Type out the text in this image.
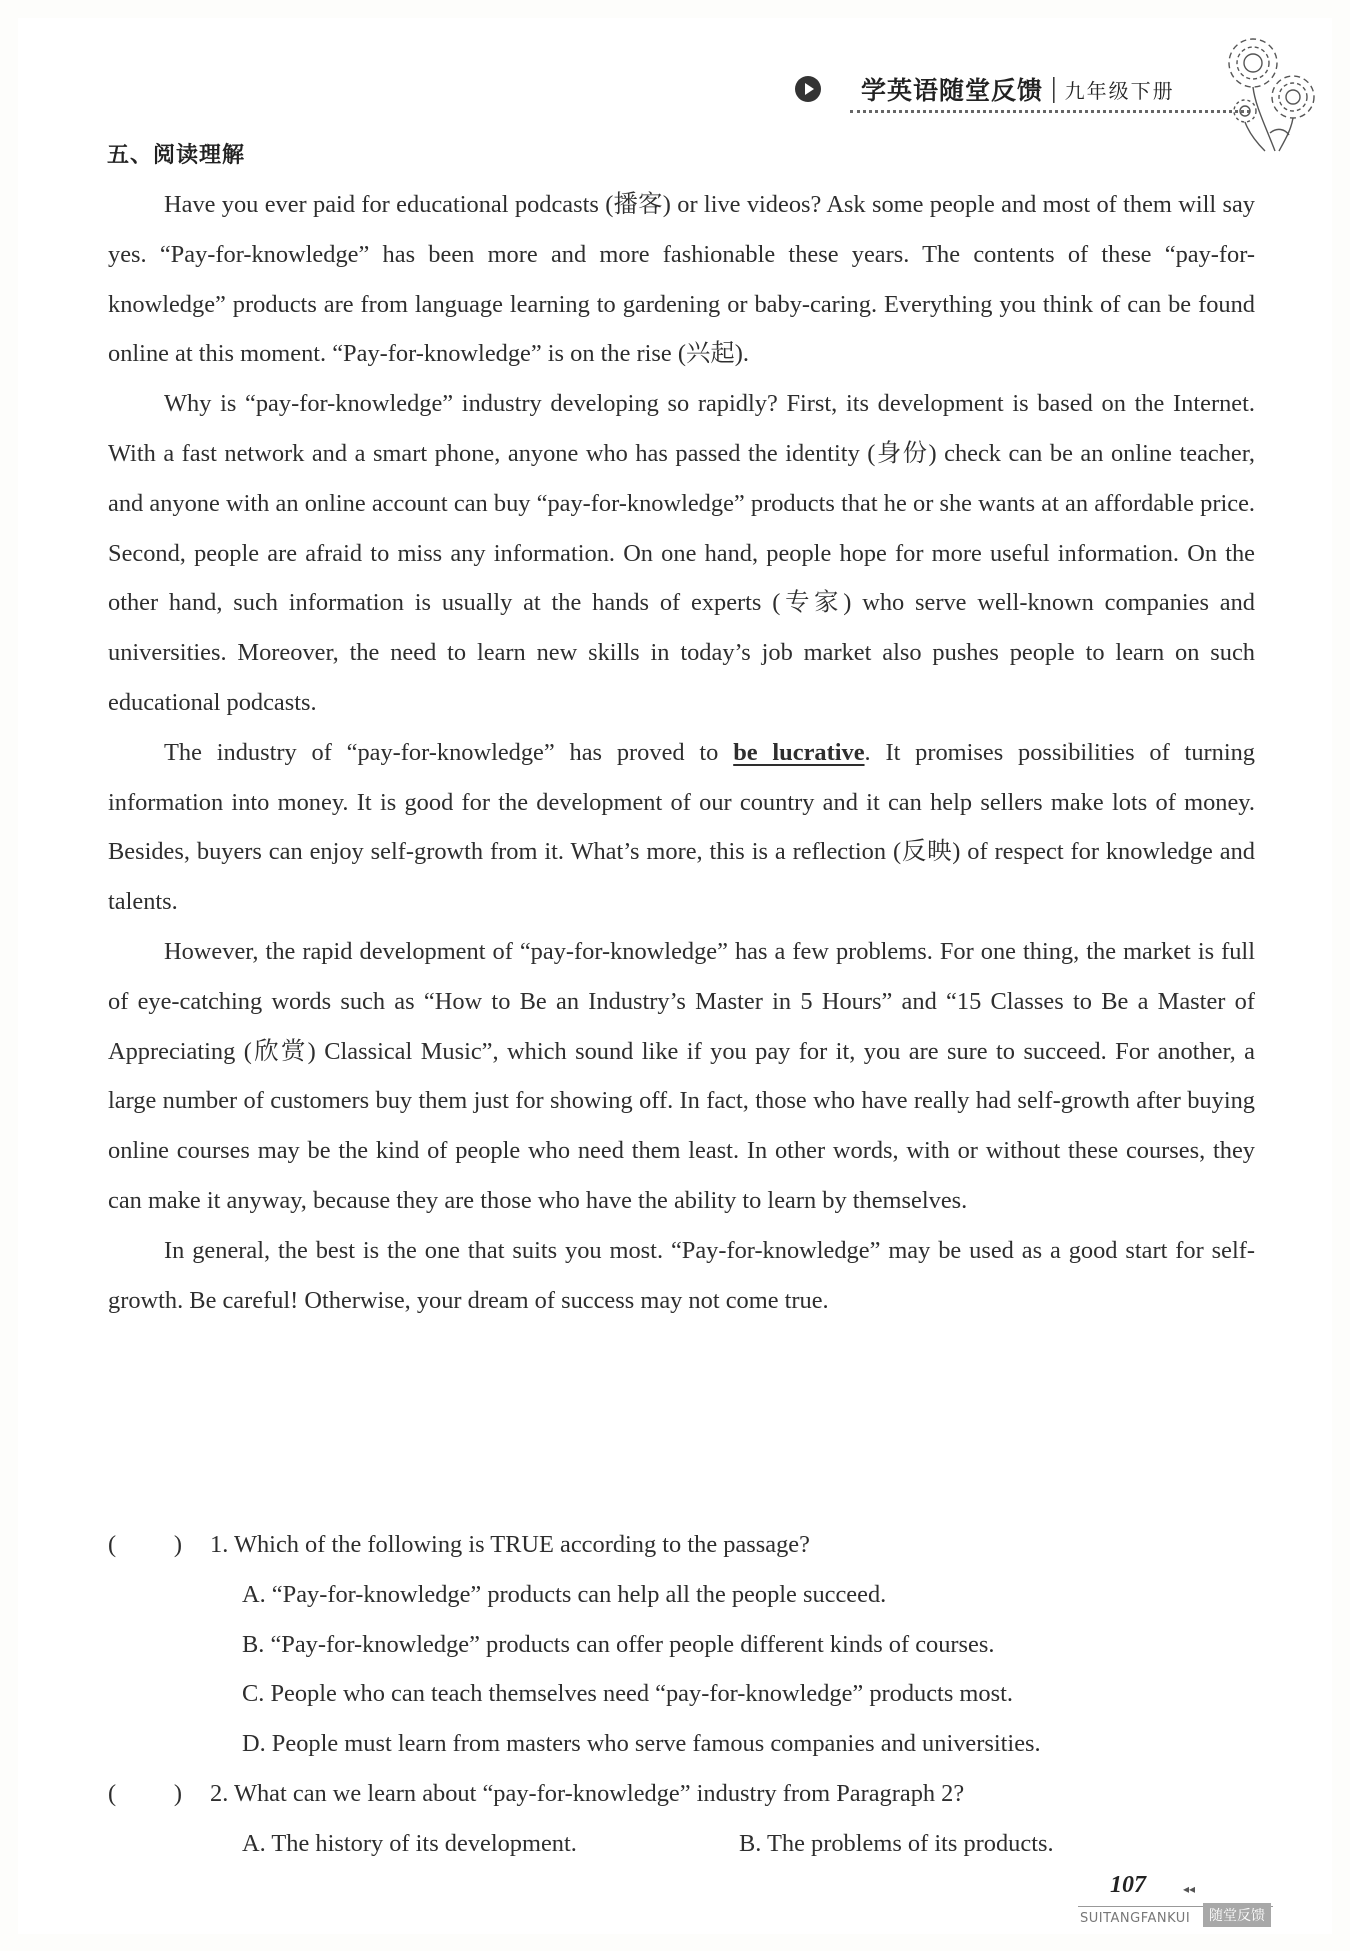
学英语随堂反馈 | 九年级下册
五、阅读理解

Have you ever paid for educational podcasts (播客) or live videos? Ask some people and most of them will say yes. “Pay-for-knowledge” has been more and more fashionable these years. The contents of these “pay-for-knowledge” products are from language learning to gardening or baby-caring. Everything you think of can be found online at this moment. “Pay-for-knowledge” is on the rise (兴起).

Why is “pay-for-knowledge” industry developing so rapidly? First, its development is based on the Internet. With a fast network and a smart phone, anyone who has passed the identity (身份) check can be an online teacher, and anyone with an online account can buy “pay-for-knowledge” products that he or she wants at an affordable price. Second, people are afraid to miss any information. On one hand, people hope for more useful information. On the other hand, such information is usually at the hands of experts (专家) who serve well-known companies and universities. Moreover, the need to learn new skills in today’s job market also pushes people to learn on such educational podcasts.

The industry of “pay-for-knowledge” has proved to be lucrative. It promises possibilities of turning information into money. It is good for the development of our country and it can help sellers make lots of money. Besides, buyers can enjoy self-growth from it. What’s more, this is a reflection (反映) of respect for knowledge and talents.

However, the rapid development of “pay-for-knowledge” has a few problems. For one thing, the market is full of eye-catching words such as “How to Be an Industry’s Master in 5 Hours” and “15 Classes to Be a Master of Appreciating (欣赏) Classical Music”, which sound like if you pay for it, you are sure to succeed. For another, a large number of customers buy them just for showing off. In fact, those who have really had self-growth after buying online courses may be the kind of people who need them least. In other words, with or without these courses, they can make it anyway, because they are those who have the ability to learn by themselves.

In general, the best is the one that suits you most. “Pay-for-knowledge” may be used as a good start for self-growth. Be careful! Otherwise, your dream of success may not come true.

( ) 1. Which of the following is TRUE according to the passage?
A. “Pay-for-knowledge” products can help all the people succeed.
B. “Pay-for-knowledge” products can offer people different kinds of courses.
C. People who can teach themselves need “pay-for-knowledge” products most.
D. People must learn from masters who serve famous companies and universities.
( ) 2. What can we learn about “pay-for-knowledge” industry from Paragraph 2?
A. The history of its development.	B. The problems of its products.
107	◂◂
SUITANGFANKUI	随堂反馈
